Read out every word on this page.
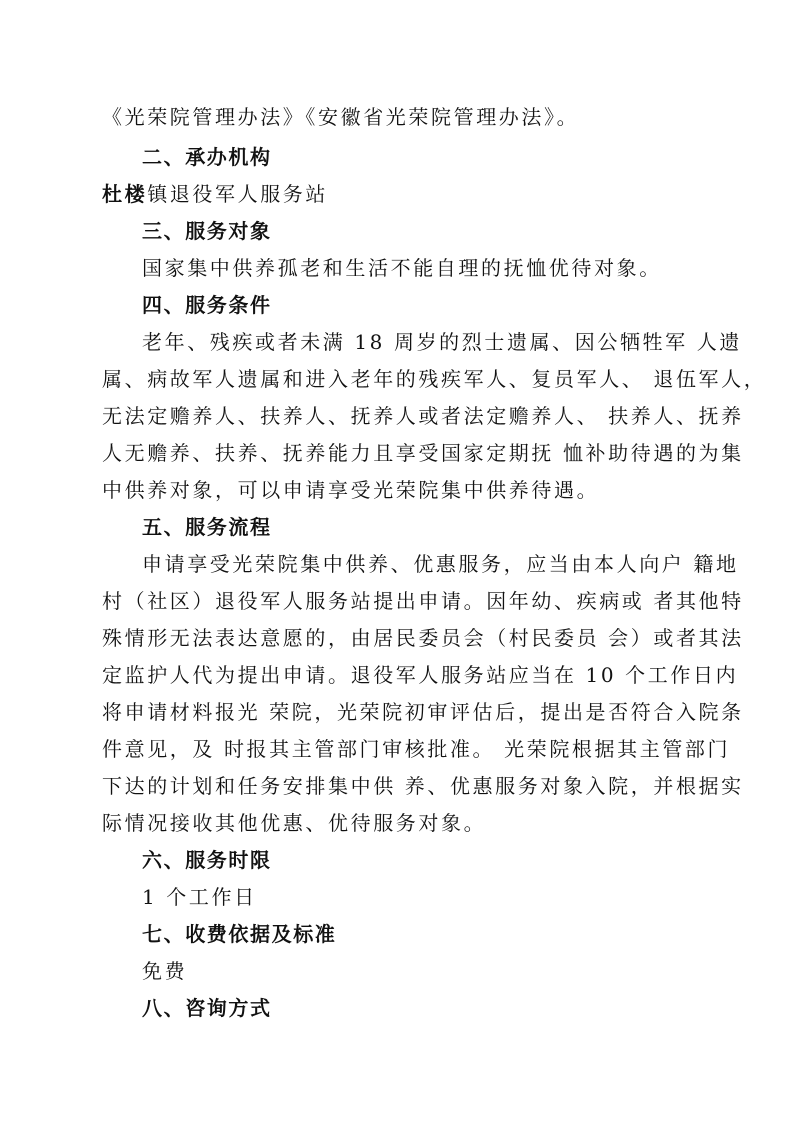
《光荣院管理办法》《安徽省光荣院管理办法》。
二、承办机构
杜楼镇退役军人服务站
三、服务对象
国家集中供养孤老和生活不能自理的抚恤优待对象。
四、服务条件
老年、残疾或者未满 18 周岁的烈士遗属、因公牺牲军 人遗
属、病故军人遗属和进入老年的残疾军人、复员军人、 退伍军人，
无法定赡养人、扶养人、抚养人或者法定赡养人、 扶养人、抚养
人无赡养、扶养、抚养能力且享受国家定期抚 恤补助待遇的为集
中供养对象，可以申请享受光荣院集中供养待遇。
五、服务流程
申请享受光荣院集中供养、优惠服务，应当由本人向户 籍地
村（社区）退役军人服务站提出申请。因年幼、疾病或 者其他特
殊情形无法表达意愿的，由居民委员会（村民委员 会）或者其法
定监护人代为提出申请。退役军人服务站应当在 10 个工作日内
将申请材料报光 荣院，光荣院初审评估后，提出是否符合入院条
件意见，及 时报其主管部门审核批准。 光荣院根据其主管部门
下达的计划和任务安排集中供 养、优惠服务对象入院，并根据实
际情况接收其他优惠、优待服务对象。
六、服务时限
1 个工作日
七、收费依据及标准
免费
八、咨询方式
